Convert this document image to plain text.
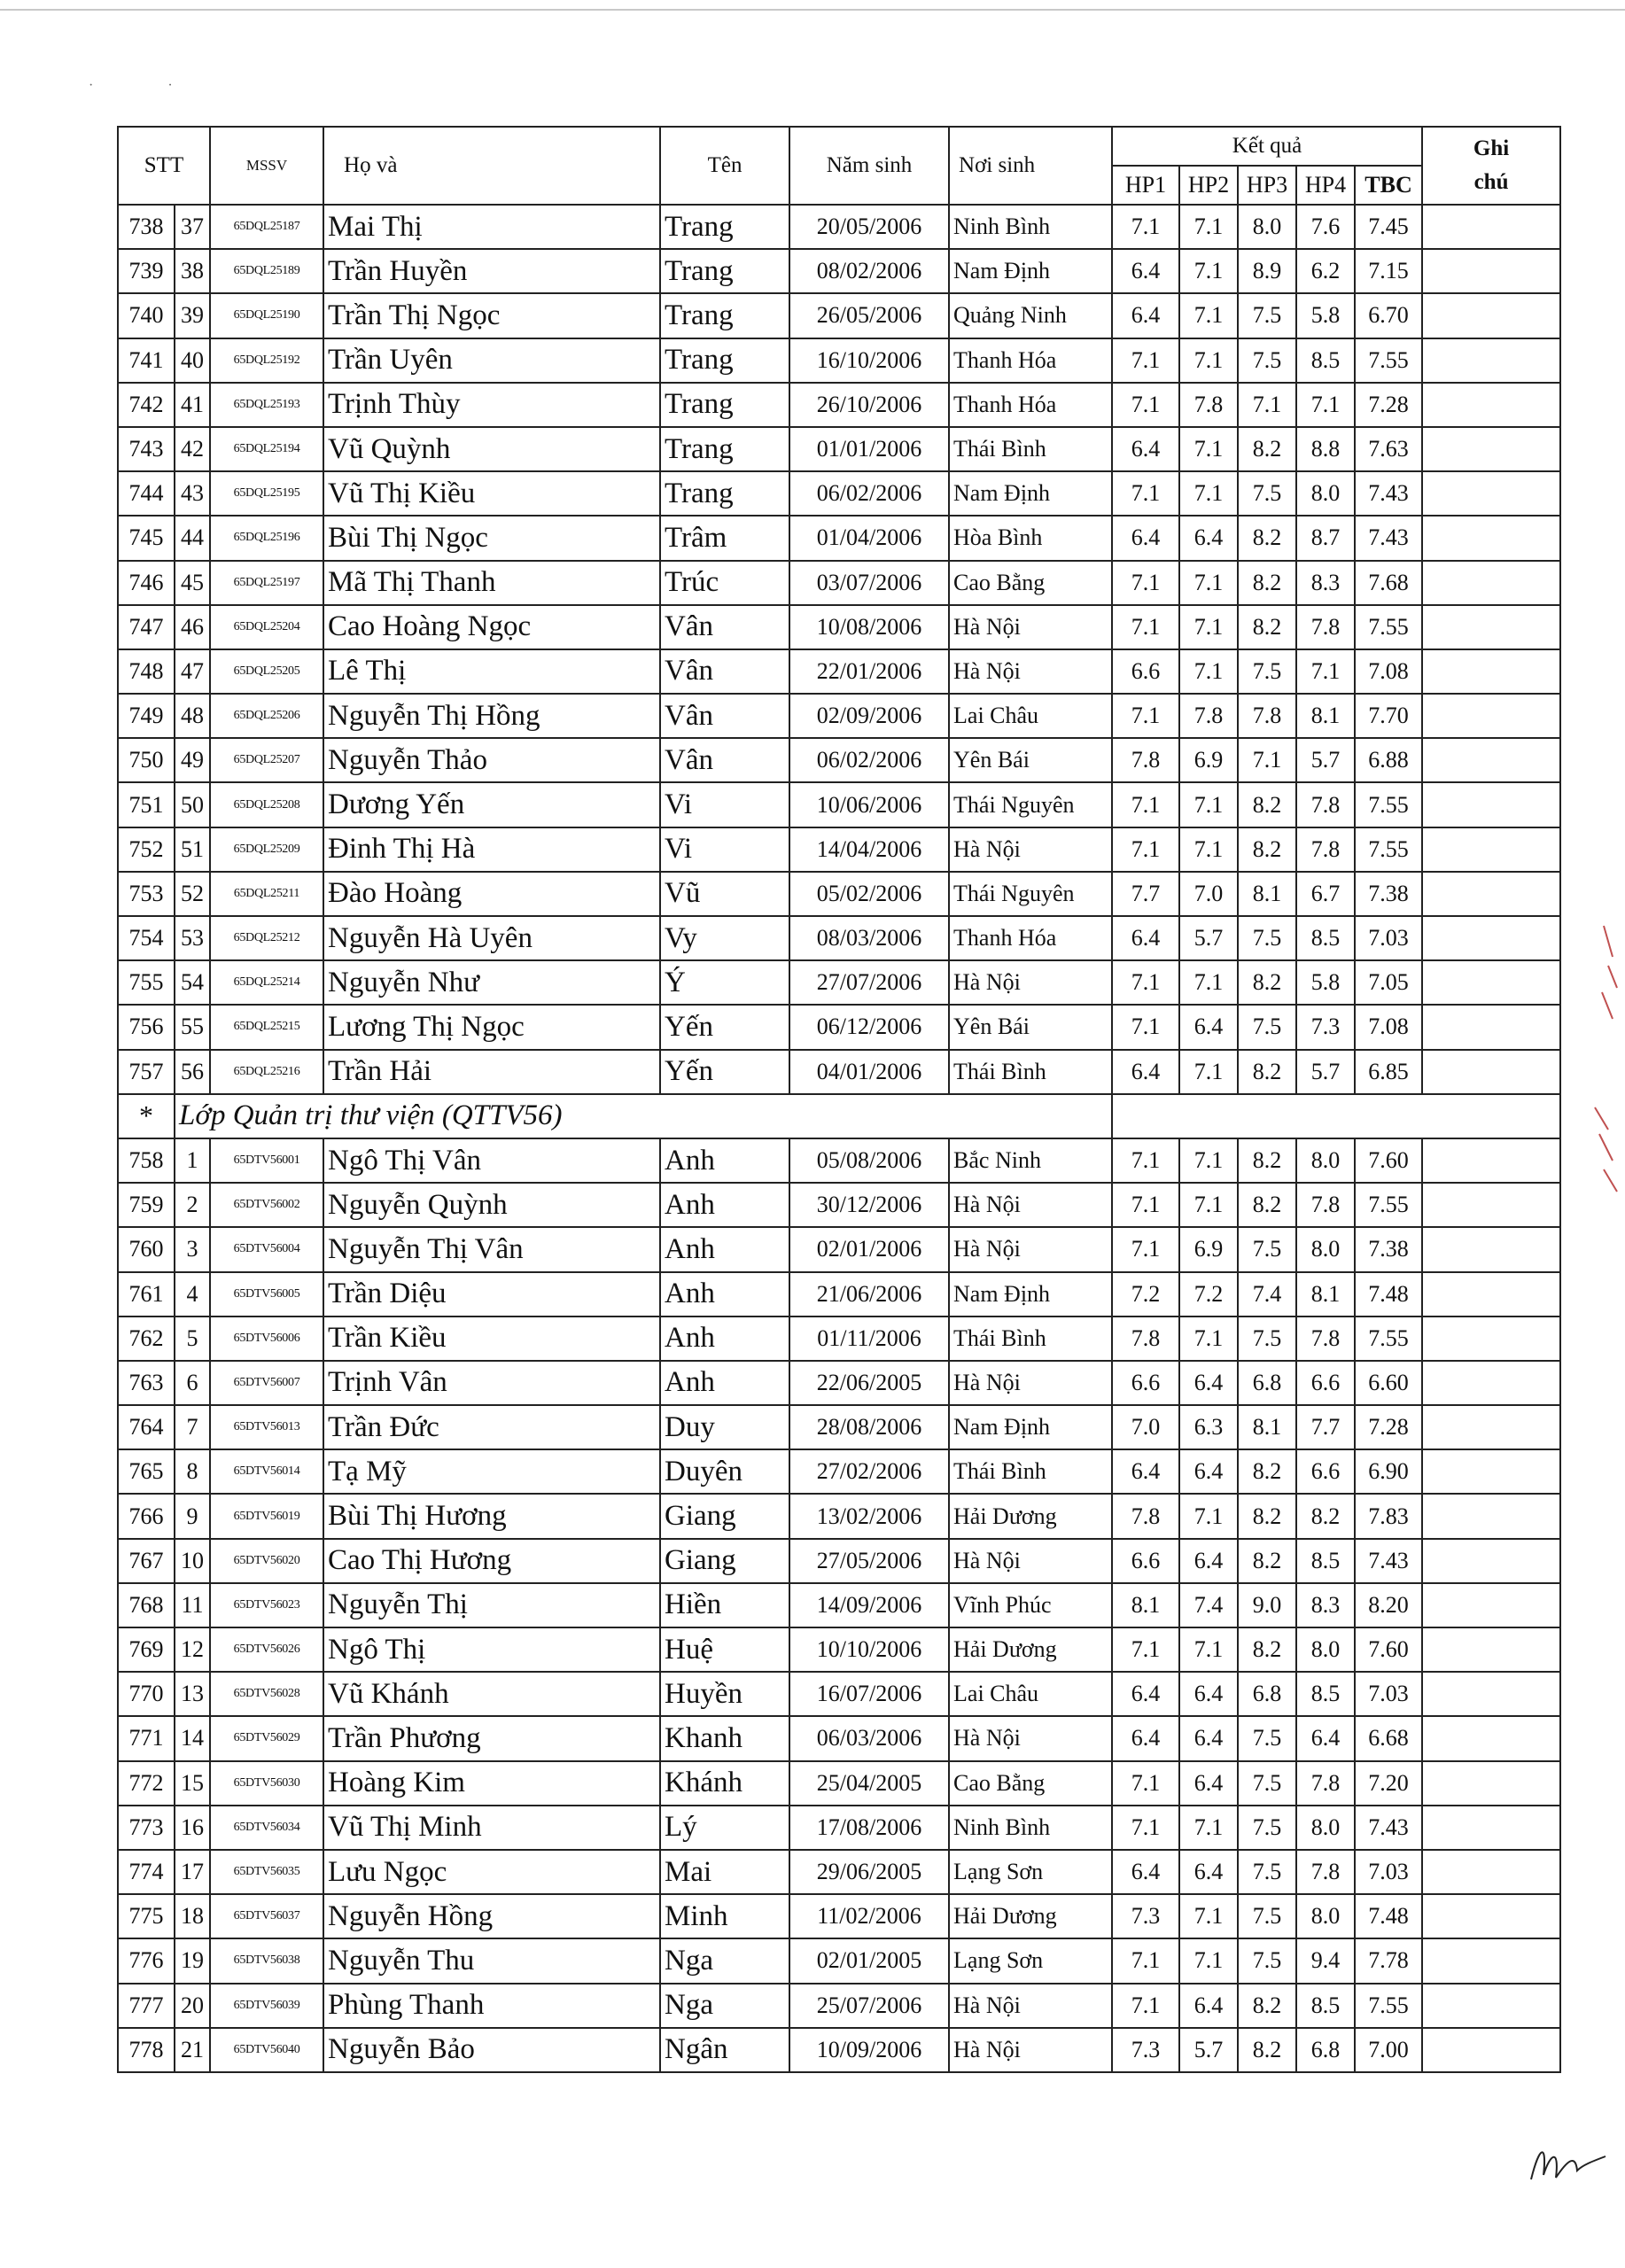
· ·
STT		MSSV	Họ và	Tên	Năm sinh	Nơi sinh	Kết quả					Ghi chú
							HP1	HP2	HP3	HP4	TBC	
738	37	65DQL25187	Mai Thị	Trang	20/05/2006	Ninh Bình	7.1	7.1	8.0	7.6	7.45	
739	38	65DQL25189	Trần Huyền	Trang	08/02/2006	Nam Định	6.4	7.1	8.9	6.2	7.15	
740	39	65DQL25190	Trần Thị Ngọc	Trang	26/05/2006	Quảng Ninh	6.4	7.1	7.5	5.8	6.70	
741	40	65DQL25192	Trần Uyên	Trang	16/10/2006	Thanh Hóa	7.1	7.1	7.5	8.5	7.55	
742	41	65DQL25193	Trịnh Thùy	Trang	26/10/2006	Thanh Hóa	7.1	7.8	7.1	7.1	7.28	
743	42	65DQL25194	Vũ Quỳnh	Trang	01/01/2006	Thái Bình	6.4	7.1	8.2	8.8	7.63	
744	43	65DQL25195	Vũ Thị Kiều	Trang	06/02/2006	Nam Định	7.1	7.1	7.5	8.0	7.43	
745	44	65DQL25196	Bùi Thị Ngọc	Trâm	01/04/2006	Hòa Bình	6.4	6.4	8.2	8.7	7.43	
746	45	65DQL25197	Mã Thị Thanh	Trúc	03/07/2006	Cao Bằng	7.1	7.1	8.2	8.3	7.68	
747	46	65DQL25204	Cao Hoàng Ngọc	Vân	10/08/2006	Hà Nội	7.1	7.1	8.2	7.8	7.55	
748	47	65DQL25205	Lê Thị	Vân	22/01/2006	Hà Nội	6.6	7.1	7.5	7.1	7.08	
749	48	65DQL25206	Nguyễn Thị Hồng	Vân	02/09/2006	Lai Châu	7.1	7.8	7.8	8.1	7.70	
750	49	65DQL25207	Nguyễn Thảo	Vân	06/02/2006	Yên Bái	7.8	6.9	7.1	5.7	6.88	
751	50	65DQL25208	Dương Yến	Vi	10/06/2006	Thái Nguyên	7.1	7.1	8.2	7.8	7.55	
752	51	65DQL25209	Đinh Thị Hà	Vi	14/04/2006	Hà Nội	7.1	7.1	8.2	7.8	7.55	
753	52	65DQL25211	Đào Hoàng	Vũ	05/02/2006	Thái Nguyên	7.7	7.0	8.1	6.7	7.38	
754	53	65DQL25212	Nguyễn Hà Uyên	Vy	08/03/2006	Thanh Hóa	6.4	5.7	7.5	8.5	7.03	
755	54	65DQL25214	Nguyễn Như	Ý	27/07/2006	Hà Nội	7.1	7.1	8.2	5.8	7.05	
756	55	65DQL25215	Lương Thị Ngọc	Yến	06/12/2006	Yên Bái	7.1	6.4	7.5	7.3	7.08	
757	56	65DQL25216	Trần Hải	Yến	04/01/2006	Thái Bình	6.4	7.1	8.2	5.7	6.85	
*	Lớp Quản trị thư viện (QTTV56)											
758	1	65DTV56001	Ngô Thị Vân	Anh	05/08/2006	Bắc Ninh	7.1	7.1	8.2	8.0	7.60	
759	2	65DTV56002	Nguyễn Quỳnh	Anh	30/12/2006	Hà Nội	7.1	7.1	8.2	7.8	7.55	
760	3	65DTV56004	Nguyễn Thị Vân	Anh	02/01/2006	Hà Nội	7.1	6.9	7.5	8.0	7.38	
761	4	65DTV56005	Trần Diệu	Anh	21/06/2006	Nam Định	7.2	7.2	7.4	8.1	7.48	
762	5	65DTV56006	Trần Kiều	Anh	01/11/2006	Thái Bình	7.8	7.1	7.5	7.8	7.55	
763	6	65DTV56007	Trịnh Vân	Anh	22/06/2005	Hà Nội	6.6	6.4	6.8	6.6	6.60	
764	7	65DTV56013	Trần Đức	Duy	28/08/2006	Nam Định	7.0	6.3	8.1	7.7	7.28	
765	8	65DTV56014	Tạ Mỹ	Duyên	27/02/2006	Thái Bình	6.4	6.4	8.2	6.6	6.90	
766	9	65DTV56019	Bùi Thị Hương	Giang	13/02/2006	Hải Dương	7.8	7.1	8.2	8.2	7.83	
767	10	65DTV56020	Cao Thị Hương	Giang	27/05/2006	Hà Nội	6.6	6.4	8.2	8.5	7.43	
768	11	65DTV56023	Nguyễn Thị	Hiền	14/09/2006	Vĩnh Phúc	8.1	7.4	9.0	8.3	8.20	
769	12	65DTV56026	Ngô Thị	Huệ	10/10/2006	Hải Dương	7.1	7.1	8.2	8.0	7.60	
770	13	65DTV56028	Vũ Khánh	Huyền	16/07/2006	Lai Châu	6.4	6.4	6.8	8.5	7.03	
771	14	65DTV56029	Trần Phương	Khanh	06/03/2006	Hà Nội	6.4	6.4	7.5	6.4	6.68	
772	15	65DTV56030	Hoàng Kim	Khánh	25/04/2005	Cao Bằng	7.1	6.4	7.5	7.8	7.20	
773	16	65DTV56034	Vũ Thị Minh	Lý	17/08/2006	Ninh Bình	7.1	7.1	7.5	8.0	7.43	
774	17	65DTV56035	Lưu Ngọc	Mai	29/06/2005	Lạng Sơn	6.4	6.4	7.5	7.8	7.03	
775	18	65DTV56037	Nguyễn Hồng	Minh	11/02/2006	Hải Dương	7.3	7.1	7.5	8.0	7.48	
776	19	65DTV56038	Nguyễn Thu	Nga	02/01/2005	Lạng Sơn	7.1	7.1	7.5	9.4	7.78	
777	20	65DTV56039	Phùng Thanh	Nga	25/07/2006	Hà Nội	7.1	6.4	8.2	8.5	7.55	
778	21	65DTV56040	Nguyễn Bảo	Ngân	10/09/2006	Hà Nội	7.3	5.7	8.2	6.8	7.00	
